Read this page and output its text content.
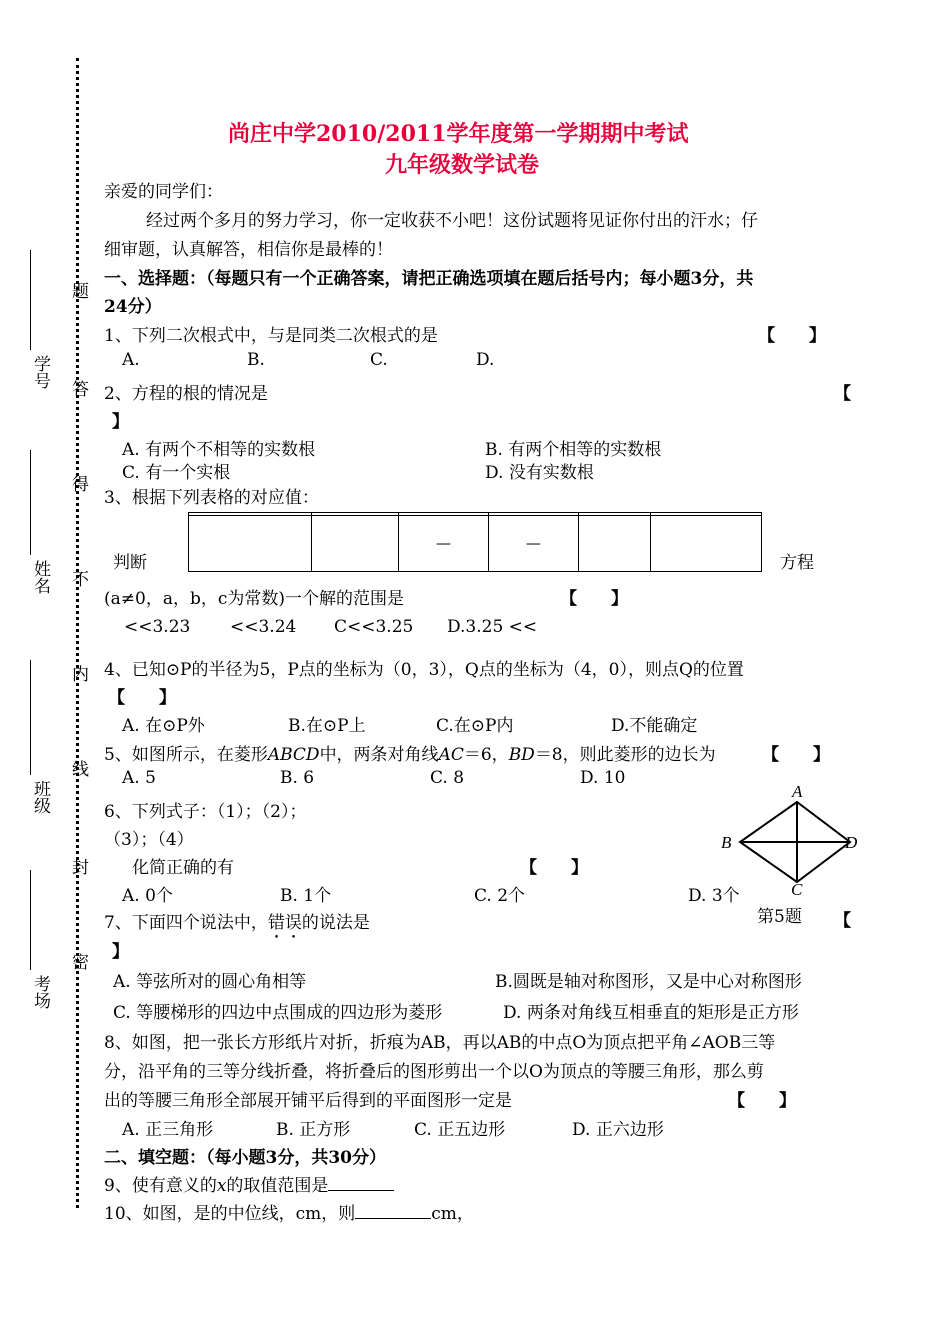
考场
班级
姓名
学号
题
答
得
不
内
线
封
密
尚庄中学2010/2011学年度第一学期期中考试
九年级数学试卷
亲爱的同学们：
经过两个多月的努力学习，你一定收获不小吧！这份试题将见证你付出的汗水；仔
细审题，认真解答，相信你是最棒的！
一、选择题：（每题只有一个正确答案，请把正确选项填在题后括号内；每小题3分，共
24分）
1、下列二次根式中，与是同类二次根式的是	【　　】
A.	B.	C.	D.
2、方程的根的情况是	【
】
A. 有两个不相等的实数根	B. 有两个相等的实数根
C. 有一个实根	D. 没有实数根
3、根据下列表格的对应值：

		—	—		
判断	方程
(a≠0，a，b，c为常数)一个解的范围是	【　　】
<<3.23 <<3.24 C<<3.25 D.3.25 <<
4、已知⊙P的半径为5，P点的坐标为（0，3），Q点的坐标为（4，0），则点Q的位置
【　　】
A. 在⊙P外	B.在⊙P上	C.在⊙P内	D.不能确定
5、如图所示，在菱形ABCD中，两条对角线AC＝6，BD＝8，则此菱形的边长为	【　　】
A. 5	B. 6	C. 8	D. 10
A
B
C
D
第5题
6、下列式子：（1）；（2）；
（3）；（4）
化简正确的有	【　　】
A. 0个	B. 1个	C. 2个	D. 3个
7、下面四个说法中，错误的说法是	【
】
A. 等弦所对的圆心角相等	B.圆既是轴对称图形，又是中心对称图形
C. 等腰梯形的四边中点围成的四边形为菱形	D. 两条对角线互相垂直的矩形是正方形
8、如图，把一张长方形纸片对折，折痕为AB，再以AB的中点O为顶点把平角∠AOB三等
分，沿平角的三等分线折叠，将折叠后的图形剪出一个以O为顶点的等腰三角形，那么剪
出的等腰三角形全部展开铺平后得到的平面图形一定是	【　　】
A. 正三角形	B. 正方形	C. 正五边形	D. 正六边形
二、填空题：（每小题3分，共30分）
9、使有意义的x的取值范围是
10、如图，是的中位线，cm，则	cm，
